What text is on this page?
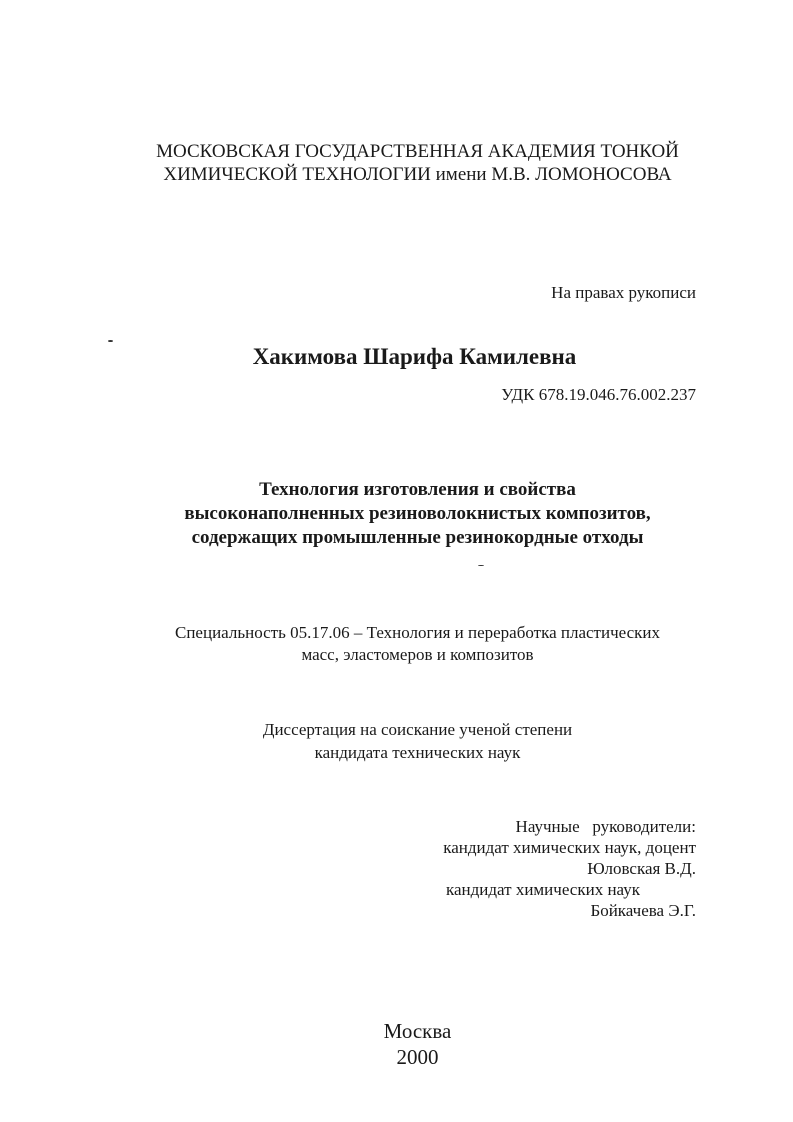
МОСКОВСКАЯ ГОСУДАРСТВЕННАЯ АКАДЕМИЯ ТОНКОЙ
ХИМИЧЕСКОЙ ТЕХНОЛОГИИ имени М.В. ЛОМОНОСОВА
На правах рукописи
Хакимова Шарифа Камилевна
УДК 678.19.046.76.002.237
Технология изготовления и свойства
высоконаполненных резиноволокнистых композитов,
содержащих промышленные резинокордные отходы
Специальность 05.17.06 – Технология и переработка пластических
масс, эластомеров и композитов
Диссертация на соискание ученой степени
кандидата технических наук
Научные   руководители:
кандидат химических наук, доцент
Юловская В.Д.
кандидат химических наук
Бойкачева Э.Г.
Москва
2000
